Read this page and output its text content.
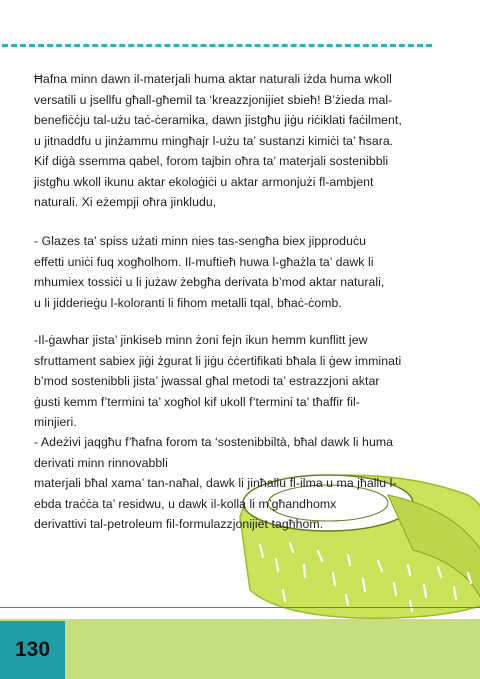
Ħafna minn dawn il-materjali huma aktar naturali iżda huma wkoll

versatili u jsellfu għall-għemil ta ‘kreazzjonijiet sbieħ! B’żieda mal-

benefiċċju tal-użu taċ-ċeramika, dawn jistgħu jiġu riċiklati faċilment,

u jitnaddfu u jinżammu mingħajr l-użu ta’ sustanzi kimiċi ta’ ħsara.

Kif diġà ssemma qabel, forom tajbin oħra ta’ materjali sostenibbli

jistgħu wkoll ikunu aktar ekoloġiċi u aktar armonjużi fl-ambjent

naturali. Xi eżempji oħra jinkludu,

- Glazes ta’ spiss użati minn nies tas-sengħa biex jipproduċu

effetti uniċi fuq xogħolhom. Il-muftieħ huwa l-għażla ta’ dawk li

mhumiex tossiċi u li jużaw żebgħa derivata b’mod aktar naturali,

u li jidderieġu l-koloranti li fihom metalli tqal, bħaċ-ċomb.

-Il-ġawhar jista’ jinkiseb minn żoni fejn ikun hemm kunflitt jew

sfruttament sabiex jiġi żgurat li jiġu ċċertifikati bħala li ġew imminati

b’mod sostenibbli jista’ jwassal għal metodi ta’ estrazzjoni aktar

ġusti kemm f’termini ta’ xogħol kif ukoll f’termini ta’ tħaffir fil-

minjieri.

- Adeżivi jaqgħu f’ħafna forom ta ‘sostenibbiltà, bħal dawk li huma

derivati minn rinnovabbli

materjali bħal xama’ tan-naħal, dawk li jinħallu fl-ilma u ma jħallu l-

ebda traċċa ta’ residwu, u dawk il-kolla li m’għandhomx

derivattivi tal-petroleum fil-formulazzjonijiet tagħhom.

130
